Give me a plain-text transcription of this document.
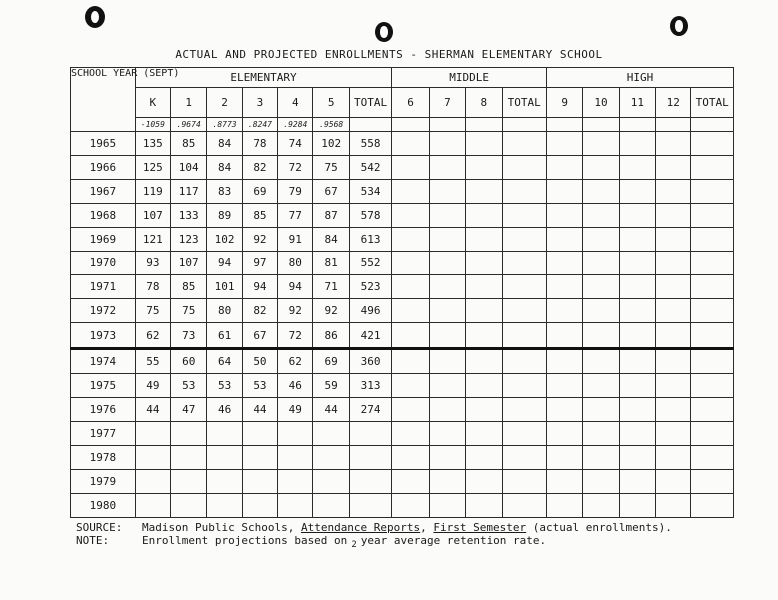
ACTUAL AND PROJECTED ENROLLMENTS - SHERMAN ELEMENTARY SCHOOL
SCHOOL YEAR (SEPT)	ELEMENTARY							MIDDLE				HIGH				
	K	1	2	3	4	5	TOTAL	6	7	8	TOTAL	9	10	11	12	TOTAL
	-1059	.9674	.8773	.8247	.9284	.9568										
1965	135	85	84	78	74	102	558									
1966	125	104	84	82	72	75	542									
1967	119	117	83	69	79	67	534									
1968	107	133	89	85	77	87	578									
1969	121	123	102	92	91	84	613									
1970	93	107	94	97	80	81	552									
1971	78	85	101	94	94	71	523									
1972	75	75	80	82	92	92	496									
1973	62	73	61	67	72	86	421									
1974	55	60	64	50	62	69	360									
1975	49	53	53	53	46	59	313									
1976	44	47	46	44	49	44	274									
1977																
1978																
1979																
1980																
SOURCE:	Madison Public Schools, Attendance Reports, First Semester (actual enrollments).
NOTE:	Enrollment projections based on 2 year average retention rate.
